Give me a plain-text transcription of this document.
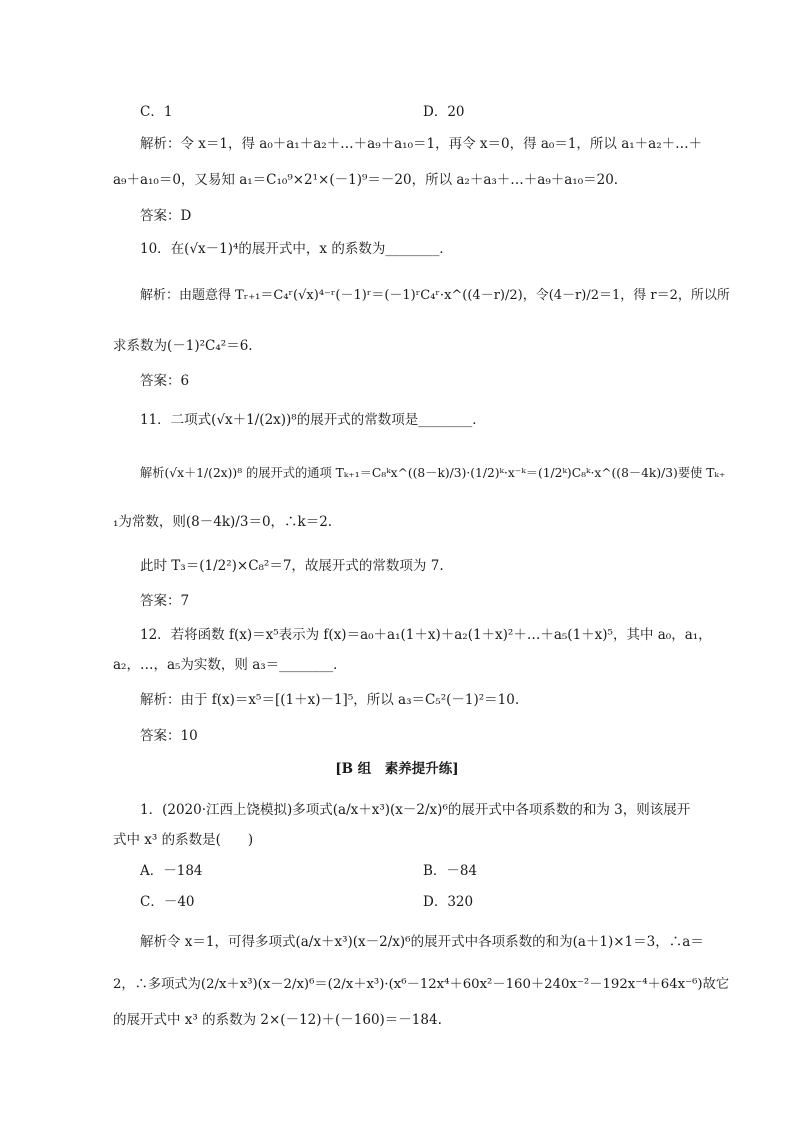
C．1	D．20
解析：令 x＝1，得 a₀＋a₁＋a₂＋…＋a₉＋a₁₀＝1，再令 x＝0，得 a₀＝1，所以 a₁＋a₂＋…＋
a₉＋a₁₀＝0，又易知 a₁＝C₁₀⁹×2¹×(－1)⁹＝－20，所以 a₂＋a₃＋…＋a₉＋a₁₀＝20.
答案：D
10．在(√x－1)⁴的展开式中，x 的系数为________．
解析：由题意得 Tᵣ₊₁＝C₄ʳ(√x)⁴⁻ʳ(－1)ʳ＝(－1)ʳC₄ʳ·x^((4－r)/2)，令(4－r)/2＝1，得 r＝2，所以所
求系数为(－1)²C₄²＝6.
答案：6
11．二项式(√x＋1/(2x))⁸的展开式的常数项是________．
解析(√x＋1/(2x))⁸ 的展开式的通项 Tₖ₊₁＝C₈ᵏx^((8－k)/3)·(1/2)ᵏ·x⁻ᵏ＝(1/2ᵏ)C₈ᵏ·x^((8－4k)/3)要使 Tₖ₊
₁为常数，则(8－4k)/3＝0，∴k＝2.
此时 T₃＝(1/2²)×C₈²＝7，故展开式的常数项为 7.
答案：7
12．若将函数 f(x)＝x⁵表示为 f(x)＝a₀＋a₁(1＋x)＋a₂(1＋x)²＋…＋a₅(1＋x)⁵，其中 a₀，a₁，
a₂，…，a₅为实数，则 a₃＝________．
解析：由于 f(x)＝x⁵＝[(1＋x)－1]⁵，所以 a₃＝C₅²(－1)²＝10.
答案：10
[B 组　素养提升练]
1．(2020·江西上饶模拟)多项式(a/x＋x³)(x－2/x)⁶的展开式中各项系数的和为 3，则该展开
式中 x³ 的系数是(　　)
A．－184	B．－84
C．－40	D．320
解析令 x＝1，可得多项式(a/x＋x³)(x－2/x)⁶的展开式中各项系数的和为(a＋1)×1＝3，∴a＝
2，∴多项式为(2/x＋x³)(x－2/x)⁶＝(2/x＋x³)·(x⁶－12x⁴＋60x²－160＋240x⁻²－192x⁻⁴＋64x⁻⁶)故它
的展开式中 x³ 的系数为 2×(－12)＋(－160)＝－184.
